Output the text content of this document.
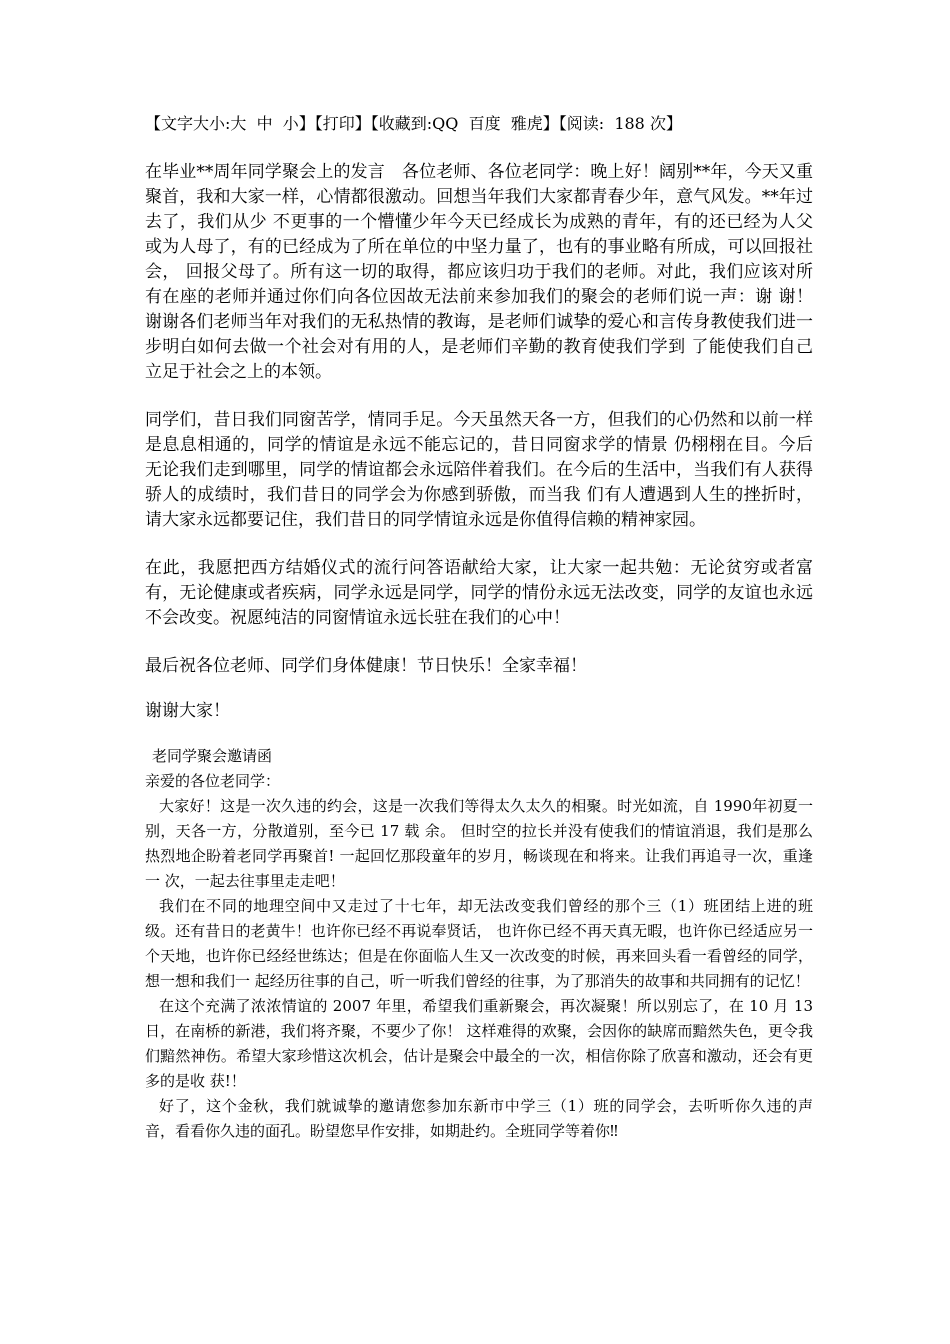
【文字大小:大  中  小】【打印】【收藏到:QQ  百度  雅虎】【阅读:  188 次】

在毕业**周年同学聚会上的发言　各位老师、各位老同学：晚上好！阔别**年，今天又重聚首，我和大家一样，心情都很激动。回想当年我们大家都青春少年，意气风发。**年过去了，我们从少 不更事的一个懵懂少年今天已经成长为成熟的青年，有的还已经为人父或为人母了，有的已经成为了所在单位的中坚力量了，也有的事业略有所成，可以回报社会， 回报父母了。所有这一切的取得，都应该归功于我们的老师。对此，我们应该对所有在座的老师并通过你们向各位因故无法前来参加我们的聚会的老师们说一声：谢 谢！谢谢各们老师当年对我们的无私热情的教诲，是老师们诚挚的爱心和言传身教使我们进一步明白如何去做一个社会对有用的人，是老师们辛勤的教育使我们学到 了能使我们自己立足于社会之上的本领。

同学们，昔日我们同窗苦学，情同手足。今天虽然天各一方，但我们的心仍然和以前一样是息息相通的，同学的情谊是永远不能忘记的，昔日同窗求学的情景 仍栩栩在目。今后无论我们走到哪里，同学的情谊都会永远陪伴着我们。在今后的生活中，当我们有人获得骄人的成绩时，我们昔日的同学会为你感到骄傲，而当我 们有人遭遇到人生的挫折时，请大家永远都要记住，我们昔日的同学情谊永远是你值得信赖的精神家园。

在此，我愿把西方结婚仪式的流行问答语献给大家，让大家一起共勉：无论贫穷或者富有，无论健康或者疾病，同学永远是同学，同学的情份永远无法改变，同学的友谊也永远不会改变。祝愿纯洁的同窗情谊永远长驻在我们的心中！

最后祝各位老师、同学们身体健康！节日快乐！全家幸福！

谢谢大家！

老同学聚会邀请函
亲爱的各位老同学：
大家好！这是一次久违的约会，这是一次我们等得太久太久的相聚。时光如流，自 1990年初夏一别，天各一方，分散道别，至今已 17 载 余。 但时空的拉长并没有使我们的情谊消退，我们是那么热烈地企盼着老同学再聚首! 一起回忆那段童年的岁月，畅谈现在和将来。让我们再追寻一次，重逢一 次，一起去往事里走走吧！
我们在不同的地理空间中又走过了十七年，却无法改变我们曾经的那个三（1）班团结上进的班级。还有昔日的老黄牛！也许你已经不再说奉贤话， 也许你已经不再天真无暇，也许你已经适应另一个天地，也许你已经经世练达；但是在你面临人生又一次改变的时候，再来回头看一看曾经的同学，想一想和我们一 起经历往事的自己，听一听我们曾经的往事，为了那消失的故事和共同拥有的记忆！
在这个充满了浓浓情谊的 2007 年里，希望我们重新聚会，再次凝聚！所以别忘了，在 10 月 13 日，在南桥的新港，我们将齐聚，不要少了你！ 这样难得的欢聚，会因你的缺席而黯然失色，更令我们黯然神伤。希望大家珍惜这次机会，估计是聚会中最全的一次，相信你除了欣喜和激动，还会有更多的是收 获!！
好了，这个金秋，我们就诚挚的邀请您参加东新市中学三（1）班的同学会，去听听你久违的声音，看看你久违的面孔。盼望您早作安排，如期赴约。全班同学等着你‼
